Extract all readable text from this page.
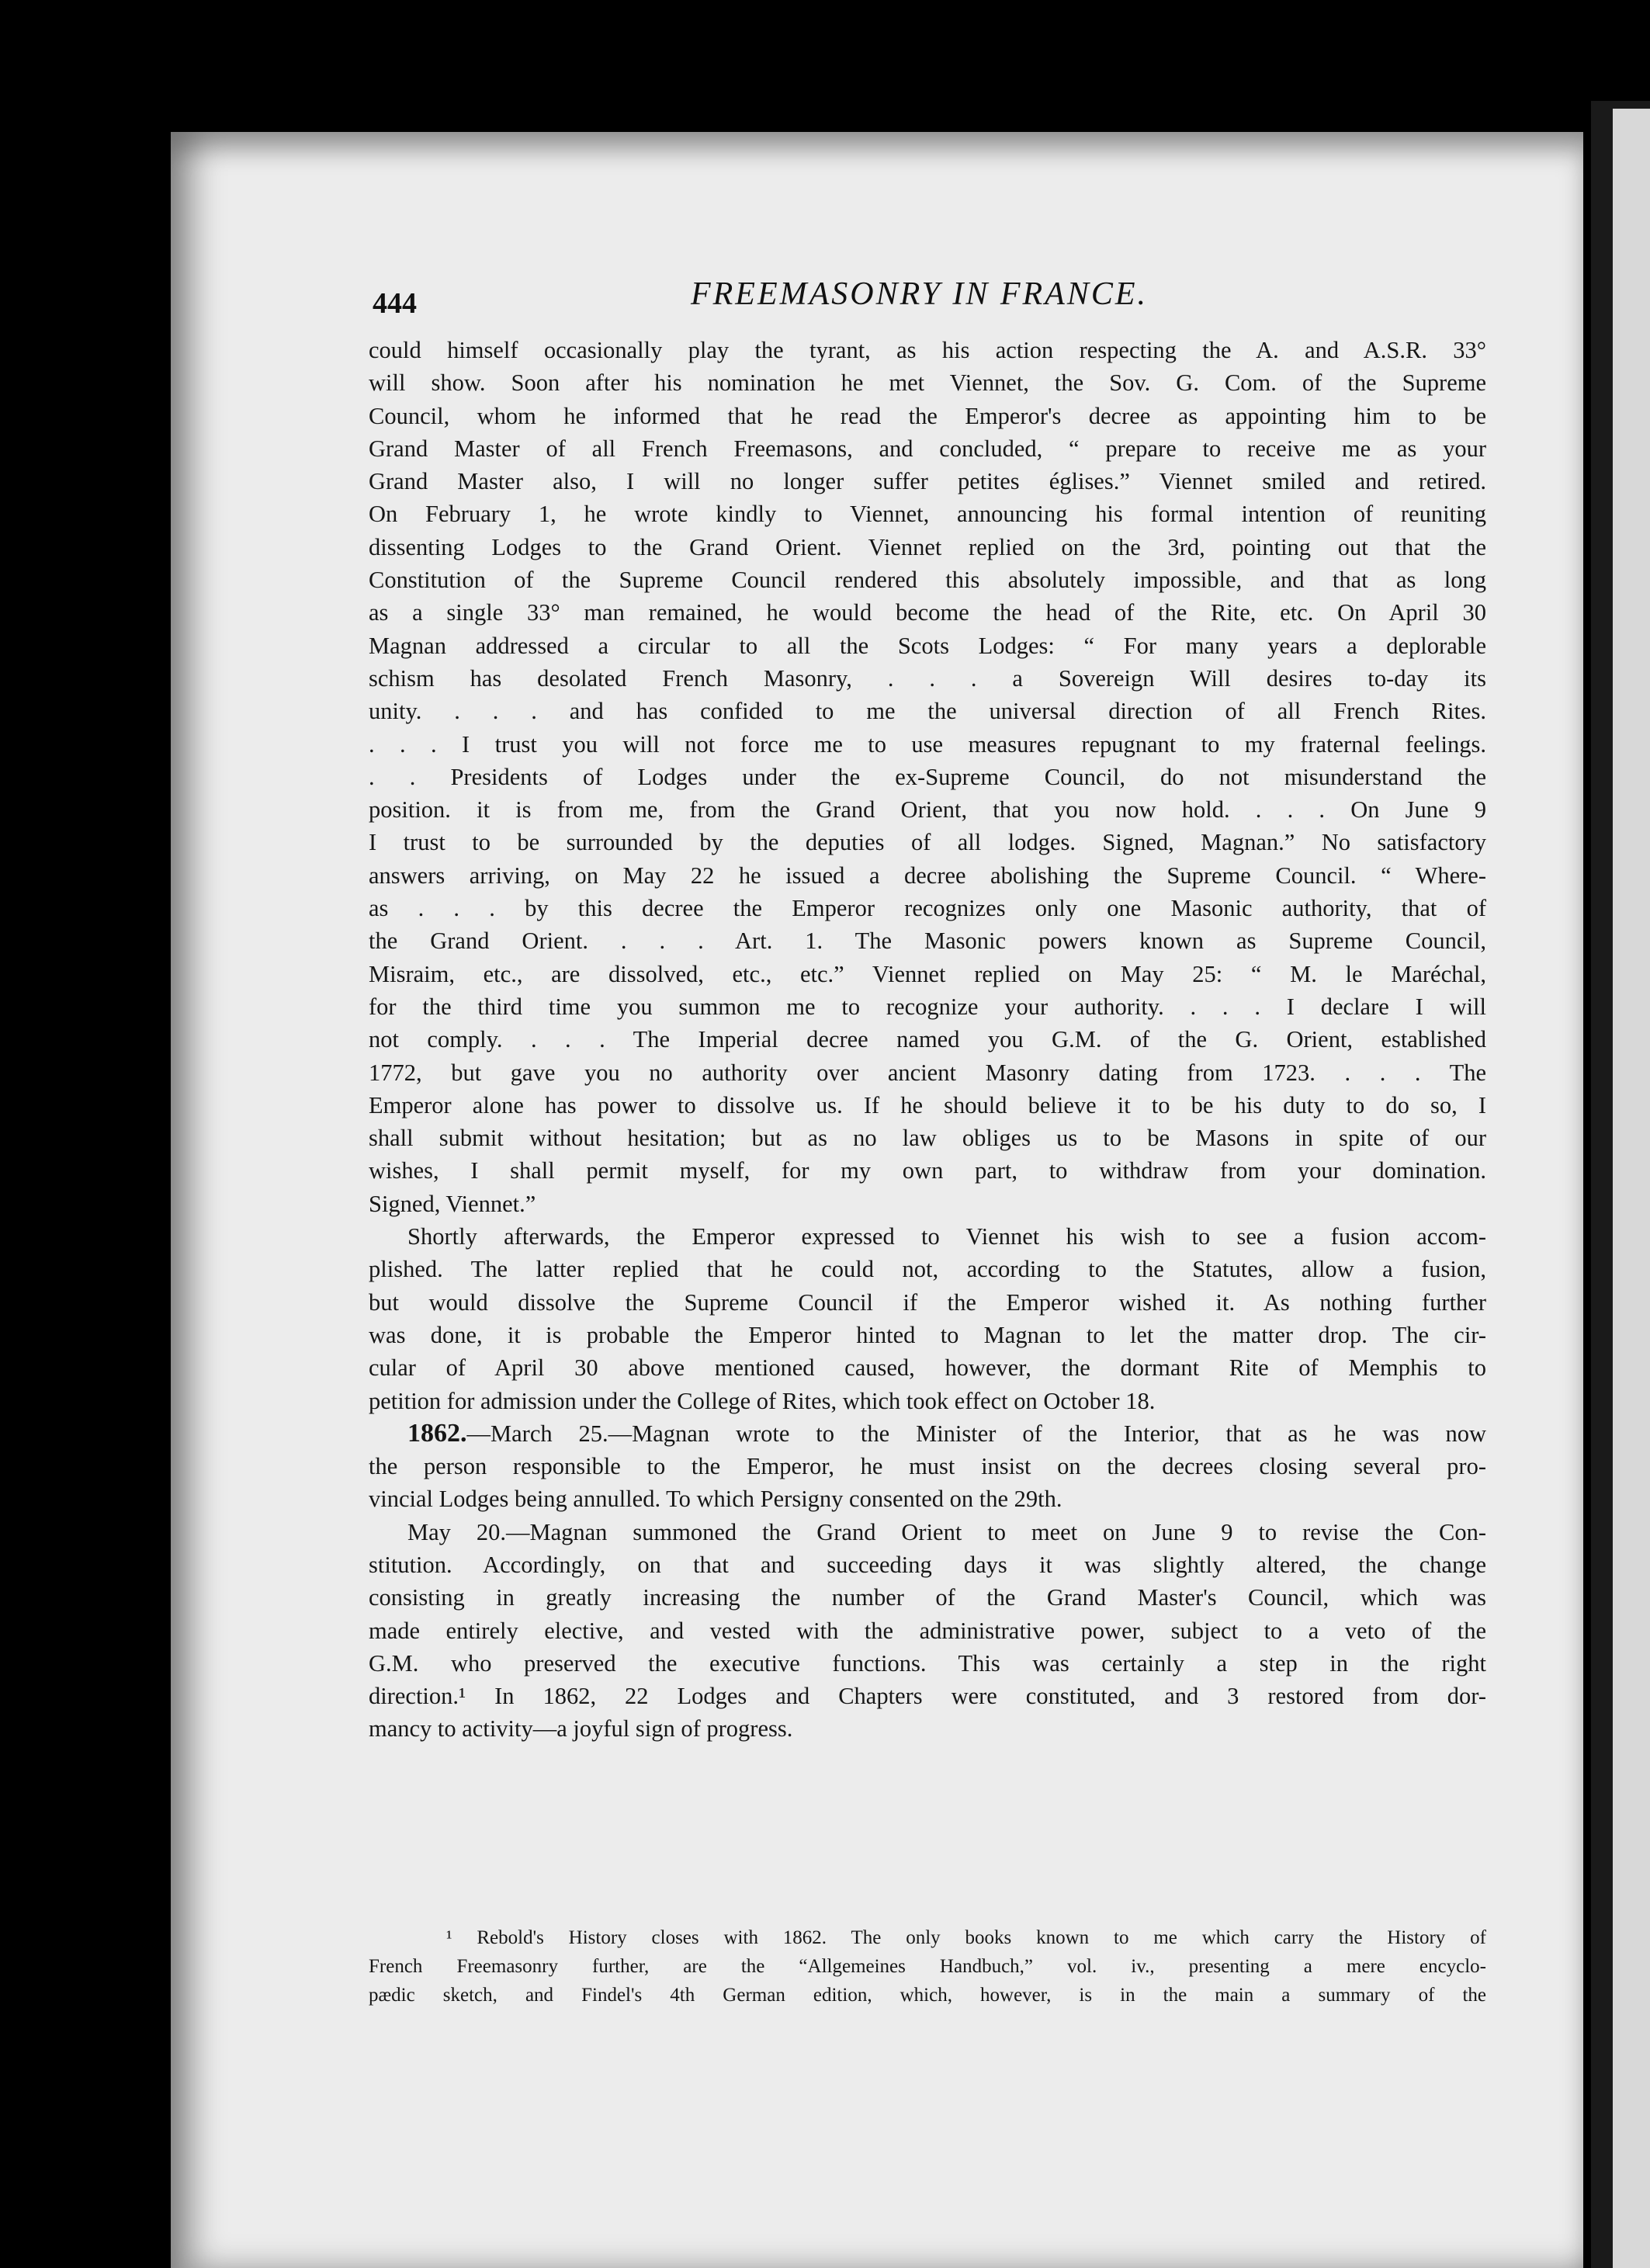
444	FREEMASONRY IN FRANCE.
could himself occasionally play the tyrant, as his action respecting the A. and A.S.R. 33°
will show. Soon after his nomination he met Viennet, the Sov. G. Com. of the Supreme
Council, whom he informed that he read the Emperor's decree as appointing him to be
Grand Master of all French Freemasons, and concluded, “ prepare to receive me as your
Grand Master also, I will no longer suffer petites églises.” Viennet smiled and retired.
On February 1, he wrote kindly to Viennet, announcing his formal intention of reuniting
dissenting Lodges to the Grand Orient. Viennet replied on the 3rd, pointing out that the
Constitution of the Supreme Council rendered this absolutely impossible, and that as long
as a single 33° man remained, he would become the head of the Rite, etc. On April 30
Magnan addressed a circular to all the Scots Lodges: “ For many years a deplorable
schism has desolated French Masonry, . . . a Sovereign Will desires to-day its
unity. . . . and has confided to me the universal direction of all French Rites.
. . . I trust you will not force me to use measures repugnant to my fraternal feelings.
. . Presidents of Lodges under the ex-Supreme Council, do not misunderstand the
position. it is from me, from the Grand Orient, that you now hold. . . . On June 9
I trust to be surrounded by the deputies of all lodges. Signed, Magnan.” No satisfactory
answers arriving, on May 22 he issued a decree abolishing the Supreme Council. “ Where-
as . . . by this decree the Emperor recognizes only one Masonic authority, that of
the Grand Orient. . . . Art. 1. The Masonic powers known as Supreme Council,
Misraim, etc., are dissolved, etc., etc.” Viennet replied on May 25: “ M. le Maréchal,
for the third time you summon me to recognize your authority. . . . I declare I will
not comply. . . . The Imperial decree named you G.M. of the G. Orient, established
1772, but gave you no authority over ancient Masonry dating from 1723. . . . The
Emperor alone has power to dissolve us. If he should believe it to be his duty to do so, I
shall submit without hesitation; but as no law obliges us to be Masons in spite of our
wishes, I shall permit myself, for my own part, to withdraw from your domination.
Signed, Viennet.”
Shortly afterwards, the Emperor expressed to Viennet his wish to see a fusion accom-
plished. The latter replied that he could not, according to the Statutes, allow a fusion,
but would dissolve the Supreme Council if the Emperor wished it. As nothing further
was done, it is probable the Emperor hinted to Magnan to let the matter drop. The cir-
cular of April 30 above mentioned caused, however, the dormant Rite of Memphis to
petition for admission under the College of Rites, which took effect on October 18.
1862.—March 25.—Magnan wrote to the Minister of the Interior, that as he was now
the person responsible to the Emperor, he must insist on the decrees closing several pro-
vincial Lodges being annulled. To which Persigny consented on the 29th.
May 20.—Magnan summoned the Grand Orient to meet on June 9 to revise the Con-
stitution. Accordingly, on that and succeeding days it was slightly altered, the change
consisting in greatly increasing the number of the Grand Master's Council, which was
made entirely elective, and vested with the administrative power, subject to a veto of the
G.M. who preserved the executive functions. This was certainly a step in the right
direction.¹ In 1862, 22 Lodges and Chapters were constituted, and 3 restored from dor-
mancy to activity—a joyful sign of progress.
¹ Rebold's History closes with 1862. The only books known to me which carry the History of
French Freemasonry further, are the “Allgemeines Handbuch,” vol. iv., presenting a mere encyclo-
pædic sketch, and Findel's 4th German edition, which, however, is in the main a summary of the
